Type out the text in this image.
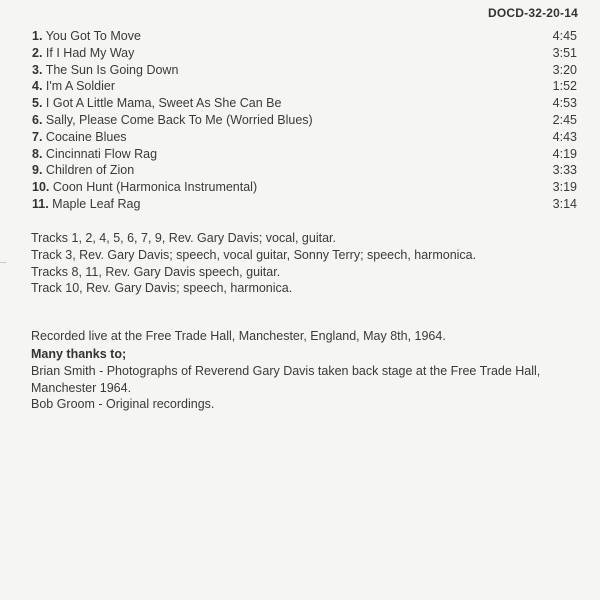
DOCD-32-20-14
1. You Got To Move	4:45
2. If I Had My Way	3:51
3. The Sun Is Going Down	3:20
4. I'm A Soldier	1:52
5. I Got A Little Mama, Sweet As She Can Be	4:53
6. Sally, Please Come Back To Me (Worried Blues)	2:45
7. Cocaine Blues	4:43
8. Cincinnati Flow Rag	4:19
9. Children of Zion	3:33
10. Coon Hunt (Harmonica Instrumental)	3:19
11. Maple Leaf Rag	3:14
Tracks 1, 2, 4, 5, 6, 7, 9, Rev. Gary Davis; vocal, guitar.
Track 3, Rev. Gary Davis; speech, vocal guitar, Sonny Terry; speech, harmonica.
Tracks 8, 11, Rev. Gary Davis speech, guitar.
Track 10, Rev. Gary Davis; speech, harmonica.

Recorded live at the Free Trade Hall, Manchester, England, May 8th, 1964.

Many thanks to;

Brian Smith - Photographs of Reverend Gary Davis taken back stage at the Free Trade Hall, Manchester 1964.

Bob Groom - Original recordings.
